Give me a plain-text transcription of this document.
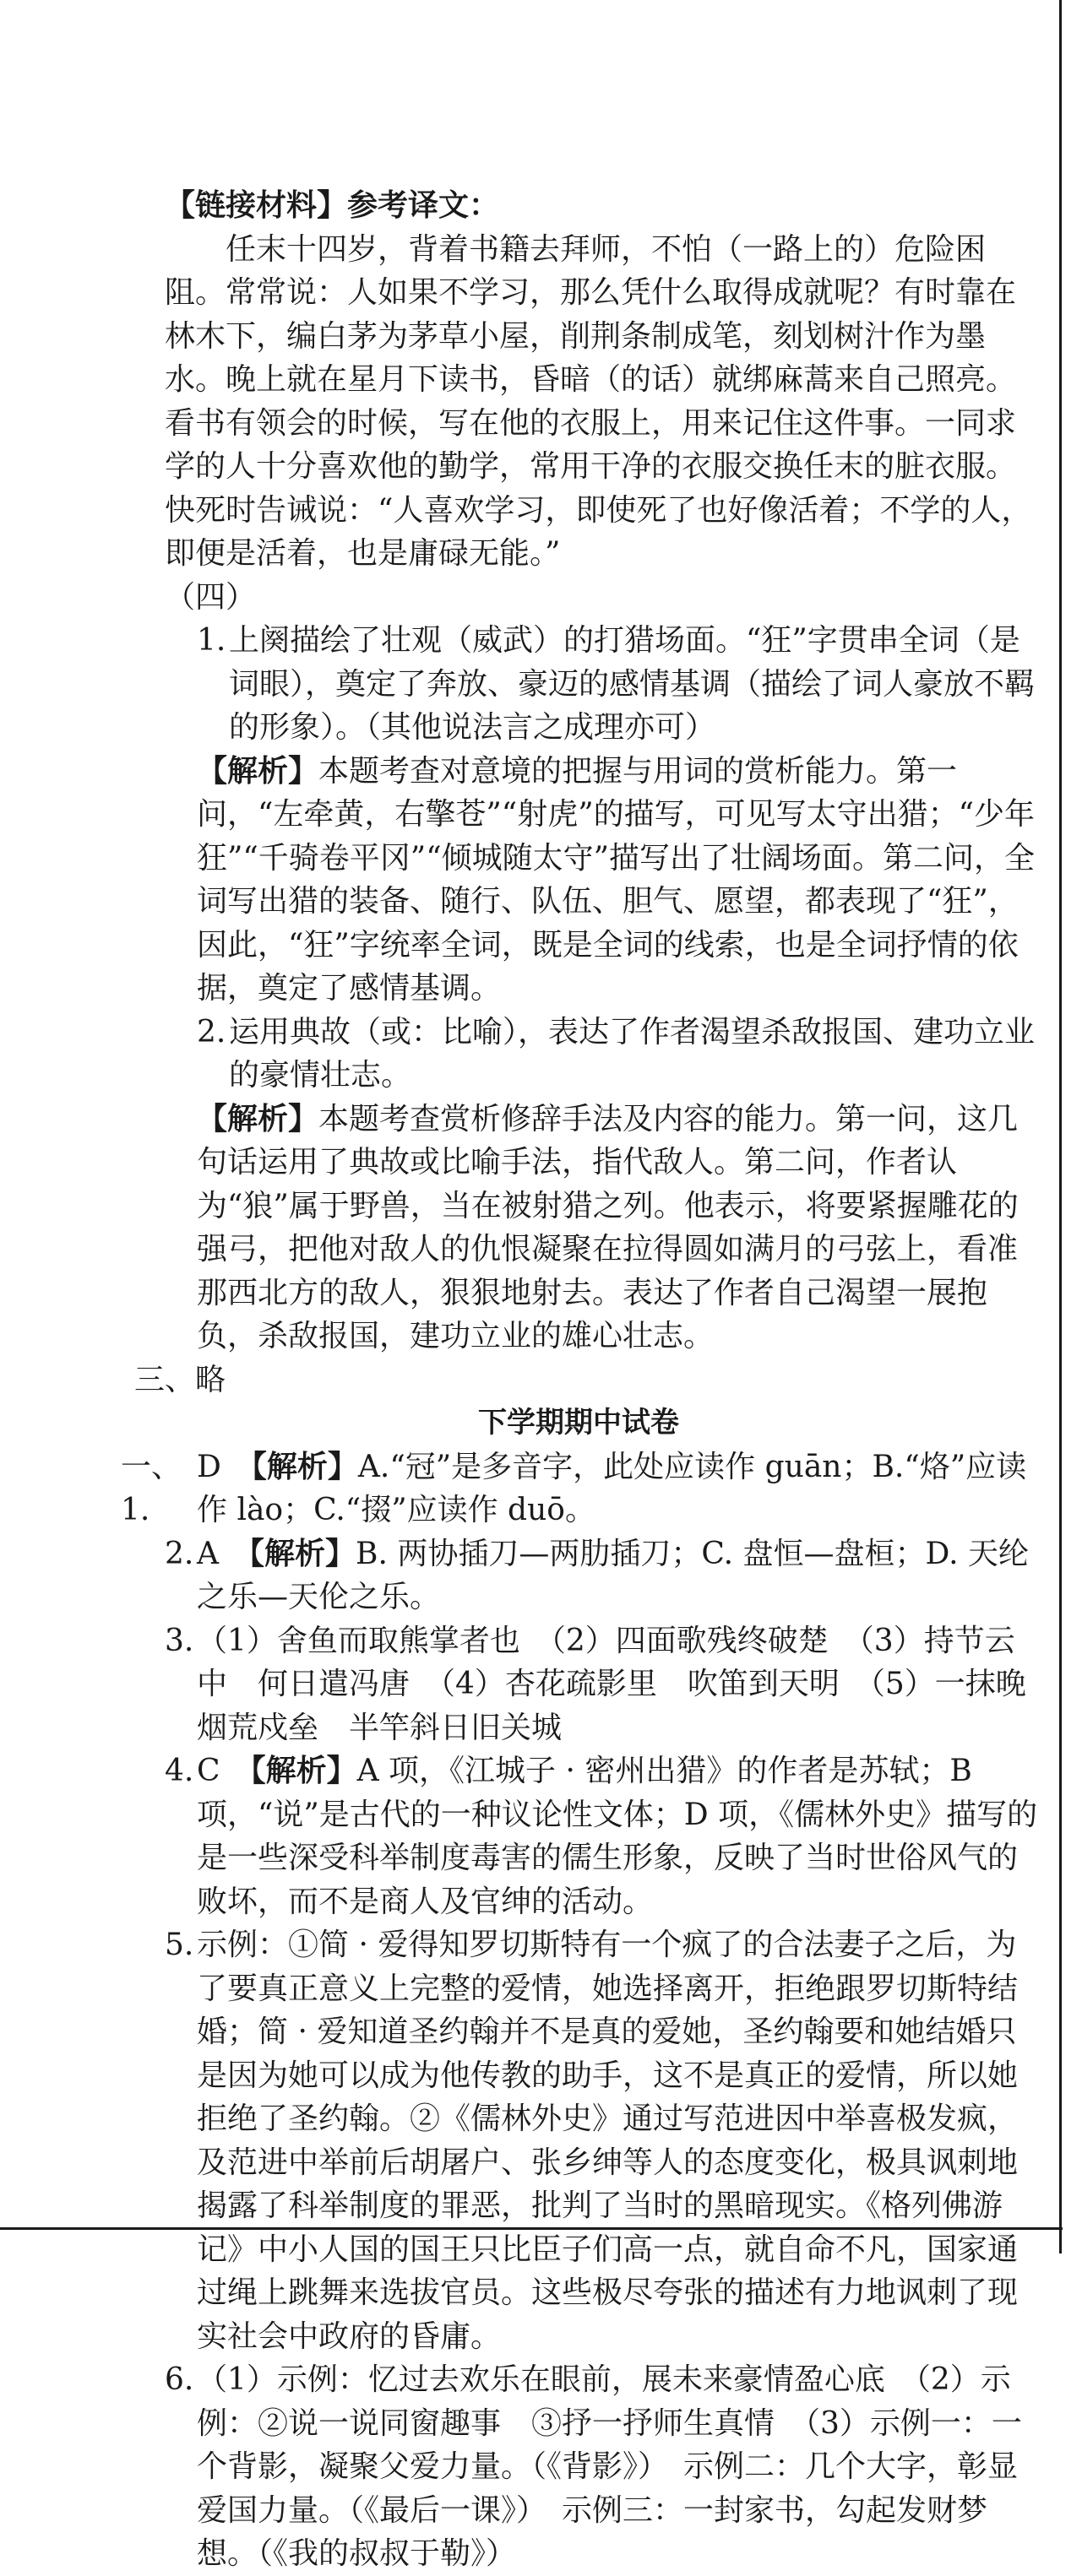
【链接材料】参考译文：

任末十四岁，背着书籍去拜师，不怕（一路上的）危险困阻。常常说：人如果不学习，那么凭什么取得成就呢？有时靠在林木下，编白茅为茅草小屋，削荆条制成笔，刻划树汁作为墨水。晚上就在星月下读书，昏暗（的话）就绑麻蒿来自己照亮。看书有领会的时候，写在他的衣服上，用来记住这件事。一同求学的人十分喜欢他的勤学，常用干净的衣服交换任末的脏衣服。快死时告诫说：“人喜欢学习，即使死了也好像活着；不学的人，即便是活着，也是庸碌无能。”

（四）

1. 上阕描绘了壮观（威武）的打猎场面。“狂”字贯串全词（是词眼），奠定了奔放、豪迈的感情基调（描绘了词人豪放不羁的形象）。（其他说法言之成理亦可）

【解析】本题考查对意境的把握与用词的赏析能力。第一问，“左牵黄，右擎苍”“射虎”的描写，可见写太守出猎；“少年狂”“千骑卷平冈”“倾城随太守”描写出了壮阔场面。第二问，全词写出猎的装备、随行、队伍、胆气、愿望，都表现了“狂”，因此，“狂”字统率全词，既是全词的线索，也是全词抒情的依据，奠定了感情基调。

2. 运用典故（或：比喻），表达了作者渴望杀敌报国、建功立业的豪情壮志。

【解析】本题考查赏析修辞手法及内容的能力。第一问，这几句话运用了典故或比喻手法，指代敌人。第二问，作者认为“狼”属于野兽，当在被射猎之列。他表示，将要紧握雕花的强弓，把他对敌人的仇恨凝聚在拉得圆如满月的弓弦上，看准那西北方的敌人，狠狠地射去。表达了作者自己渴望一展抱负，杀敌报国，建功立业的雄心壮志。

三、略

下学期期中试卷

一、1.
D　 【解析】A.“冠”是多音字，此处应读作 guān；B.“烙”应读作 lào；C.“掇”应读作 duō。
2. A　 【解析】B. 两协插刀—两肋插刀；C. 盘恒—盘桓；D. 天纶之乐—天伦之乐。
3. （1）舍鱼而取熊掌者也　（2）四面歌残终破楚　（3）持节云中　何日遣冯唐　（4）杏花疏影里　吹笛到天明　（5）一抹晚烟荒戍垒　半竿斜日旧关城
4. C　 【解析】A 项，《江城子 · 密州出猎》的作者是苏轼；B 项，“说”是古代的一种议论性文体；D 项，《儒林外史》描写的是一些深受科举制度毒害的儒生形象，反映了当时世俗风气的败坏，而不是商人及官绅的活动。
5. 示例：①简 · 爱得知罗切斯特有一个疯了的合法妻子之后，为了要真正意义上完整的爱情，她选择离开，拒绝跟罗切斯特结婚；简 · 爱知道圣约翰并不是真的爱她，圣约翰要和她结婚只是因为她可以成为他传教的助手，这不是真正的爱情，所以她拒绝了圣约翰。②《儒林外史》通过写范进因中举喜极发疯，及范进中举前后胡屠户、张乡绅等人的态度变化，极具讽刺地揭露了科举制度的罪恶，批判了当时的黑暗现实。《格列佛游记》中小人国的国王只比臣子们高一点，就自命不凡，国家通过绳上跳舞来选拔官员。这些极尽夸张的描述有力地讽刺了现实社会中政府的昏庸。
6. （1）示例：忆过去欢乐在眼前，展未来豪情盈心底　（2）示例：②说一说同窗趣事　③抒一抒师生真情　（3）示例一：一个背影，凝聚父爱力量。（《背影》）　示例二：几个大字，彰显爱国力量。（《最后一课》）　示例三：一封家书，勾起发财梦想。（《我的叔叔于勒》）
